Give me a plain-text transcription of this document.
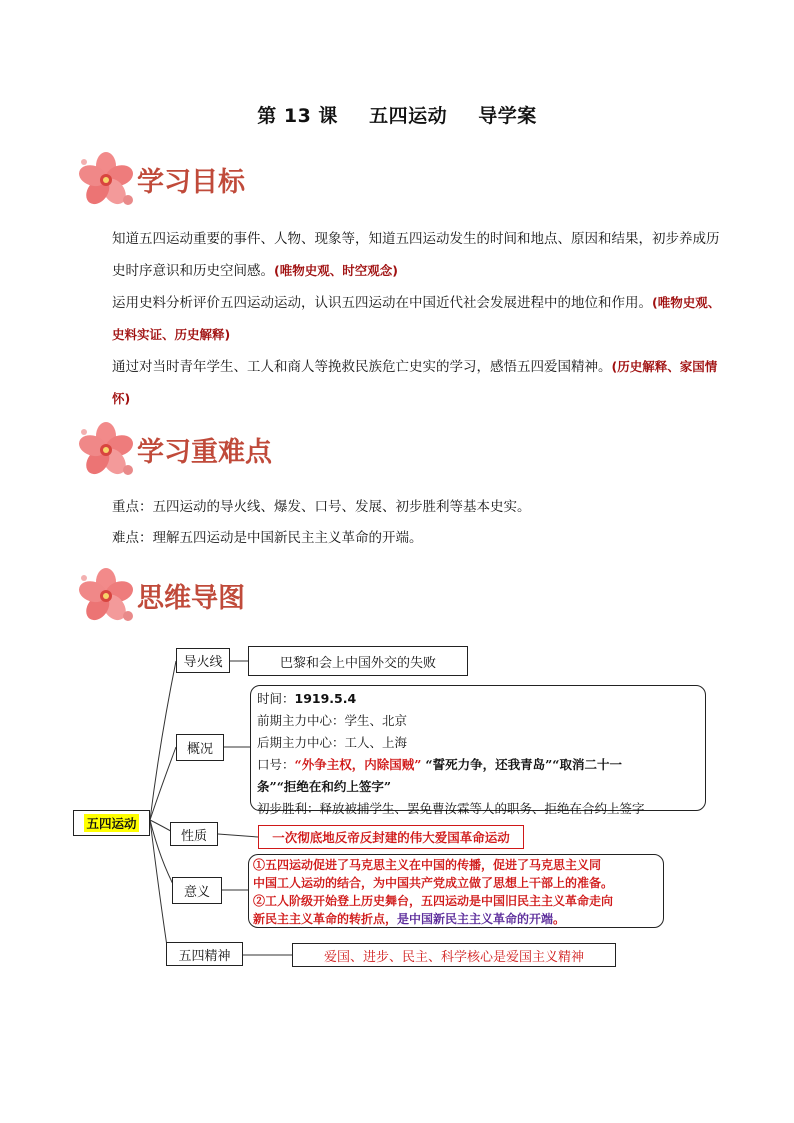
第 13 课 五四运动 导学案
学习目标
知道五四运动重要的事件、人物、现象等，知道五四运动发生的时间和地点、原因和结果，初步养成历史时序意识和历史空间感。(唯物史观、时空观念)
运用史料分析评价五四运动运动，认识五四运动在中国近代社会发展进程中的地位和作用。(唯物史观、史料实证、历史解释)
通过对当时青年学生、工人和商人等挽救民族危亡史实的学习，感悟五四爱国精神。(历史解释、家国情怀)
学习重难点
重点：五四运动的导火线、爆发、口号、发展、初步胜利等基本史实。
难点：理解五四运动是中国新民主主义革命的开端。
思维导图
五四运动
导火线	巴黎和会上中国外交的失败
概况
时间：1919.5.4
前期主力中心：学生、北京
后期主力中心：工人、上海
口号：“外争主权，内除国贼” “誓死力争，还我青岛”“取消二十一
条”“拒绝在和约上签字”
初步胜利：释放被捕学生、罢免曹汝霖等人的职务、拒绝在合约上签字
性质	一次彻底地反帝反封建的伟大爱国革命运动
意义
①五四运动促进了马克思主义在中国的传播，促进了马克思主义同
中国工人运动的结合，为中国共产党成立做了思想上干部上的准备。
②工人阶级开始登上历史舞台，五四运动是中国旧民主主义革命走向
新民主主义革命的转折点，是中国新民主主义革命的开端。
五四精神	爱国、进步、民主、科学核心是爱国主义精神
